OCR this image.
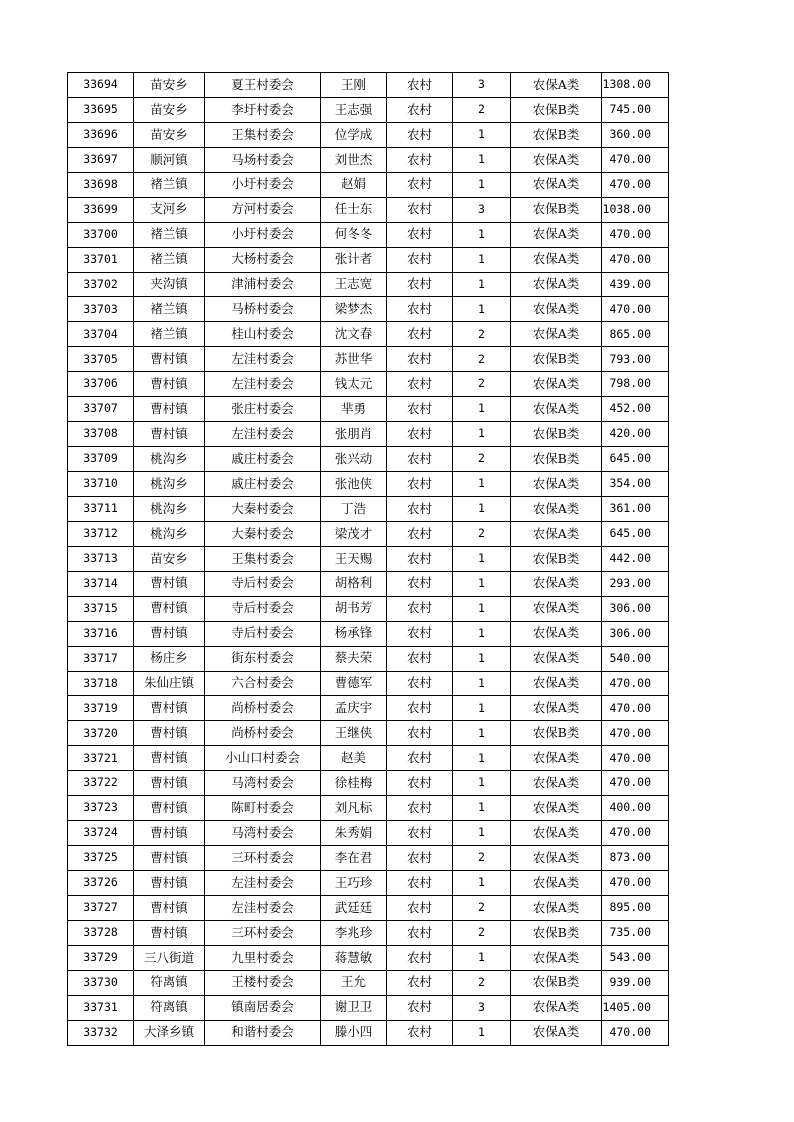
33694	苗安乡	夏王村委会	王刚	农村	3	农保A类	1308.00
33695	苗安乡	李圩村委会	王志强	农村	2	农保B类	745.00
33696	苗安乡	王集村委会	位学成	农村	1	农保B类	360.00
33697	顺河镇	马场村委会	刘世杰	农村	1	农保A类	470.00
33698	褚兰镇	小圩村委会	赵娟	农村	1	农保A类	470.00
33699	支河乡	方河村委会	任士东	农村	3	农保B类	1038.00
33700	褚兰镇	小圩村委会	何冬冬	农村	1	农保A类	470.00
33701	褚兰镇	大杨村委会	张计者	农村	1	农保A类	470.00
33702	夹沟镇	津浦村委会	王志宽	农村	1	农保A类	439.00
33703	褚兰镇	马桥村委会	梁梦杰	农村	1	农保A类	470.00
33704	褚兰镇	桂山村委会	沈文春	农村	2	农保A类	865.00
33705	曹村镇	左洼村委会	苏世华	农村	2	农保B类	793.00
33706	曹村镇	左洼村委会	钱太元	农村	2	农保A类	798.00
33707	曹村镇	张庄村委会	芈勇	农村	1	农保A类	452.00
33708	曹村镇	左洼村委会	张朋肖	农村	1	农保B类	420.00
33709	桃沟乡	戚庄村委会	张兴动	农村	2	农保B类	645.00
33710	桃沟乡	戚庄村委会	张池侠	农村	1	农保A类	354.00
33711	桃沟乡	大秦村委会	丁浩	农村	1	农保A类	361.00
33712	桃沟乡	大秦村委会	梁茂才	农村	2	农保A类	645.00
33713	苗安乡	王集村委会	王天赐	农村	1	农保B类	442.00
33714	曹村镇	寺后村委会	胡格利	农村	1	农保A类	293.00
33715	曹村镇	寺后村委会	胡书芳	农村	1	农保A类	306.00
33716	曹村镇	寺后村委会	杨承锋	农村	1	农保A类	306.00
33717	杨庄乡	街东村委会	蔡夫荣	农村	1	农保A类	540.00
33718	朱仙庄镇	六合村委会	曹德军	农村	1	农保A类	470.00
33719	曹村镇	尚桥村委会	孟庆宇	农村	1	农保A类	470.00
33720	曹村镇	尚桥村委会	王继侠	农村	1	农保B类	470.00
33721	曹村镇	小山口村委会	赵美	农村	1	农保A类	470.00
33722	曹村镇	马湾村委会	徐桂梅	农村	1	农保A类	470.00
33723	曹村镇	陈町村委会	刘凡标	农村	1	农保A类	400.00
33724	曹村镇	马湾村委会	朱秀娟	农村	1	农保A类	470.00
33725	曹村镇	三环村委会	李在君	农村	2	农保A类	873.00
33726	曹村镇	左洼村委会	王巧珍	农村	1	农保A类	470.00
33727	曹村镇	左洼村委会	武廷廷	农村	2	农保A类	895.00
33728	曹村镇	三环村委会	李兆珍	农村	2	农保B类	735.00
33729	三八街道	九里村委会	蒋慧敏	农村	1	农保A类	543.00
33730	符离镇	王楼村委会	王允	农村	2	农保B类	939.00
33731	符离镇	镇南居委会	谢卫卫	农村	3	农保A类	1405.00
33732	大泽乡镇	和谐村委会	滕小四	农村	1	农保A类	470.00
